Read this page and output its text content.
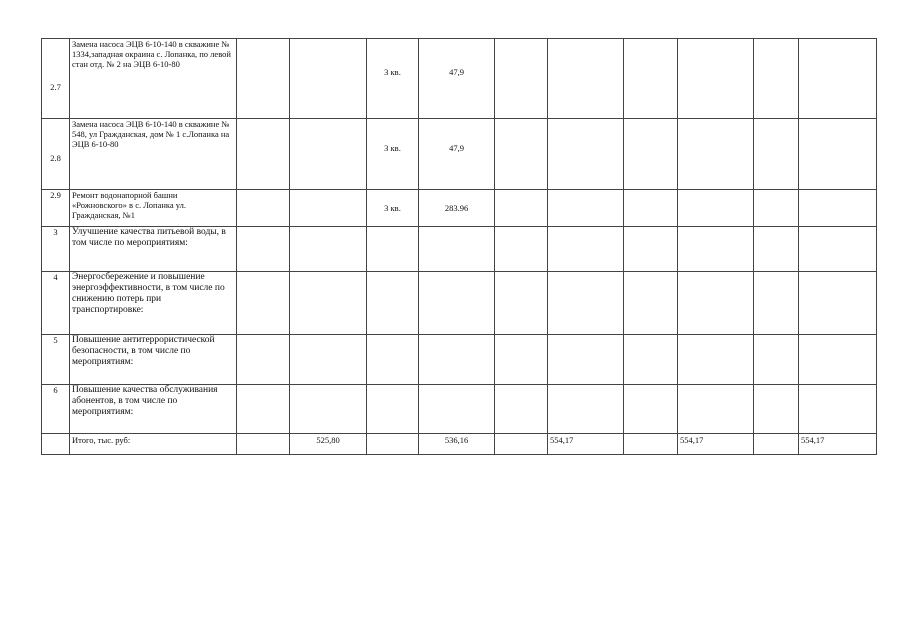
2.7	Замена насоса ЭЦВ 6-10-140 в скважине № 1334,западная окраина с. Лопанка, по левой стан отд. № 2 на ЭЦВ 6-10-80			3 кв.	47,9						
2.8	Замена насоса ЭЦВ 6-10-140 в скважине № 548, ул Гражданская, дом № 1 с.Лопанка на ЭЦВ 6-10-80			3 кв.	47,9						
2.9	Ремонт водонапорной башни «Рожновского» в с. Лопанка ул. Гражданская, №1			3 кв.	283.96						
3	Улучшение качества питьевой воды, в том числе по мероприятиям:										
4	Энергосбережение и повышение энергоэффективности, в том числе по снижению потерь при транспортировке:										
5	Повышение антитеррористической безопасности, в том числе по мероприятиям:										
6	Повышение качества обслуживания абонентов, в том числе по мероприятиям:										
	Итого, тыс. руб:		525,80		536,16		554,17		554,17		554,17
